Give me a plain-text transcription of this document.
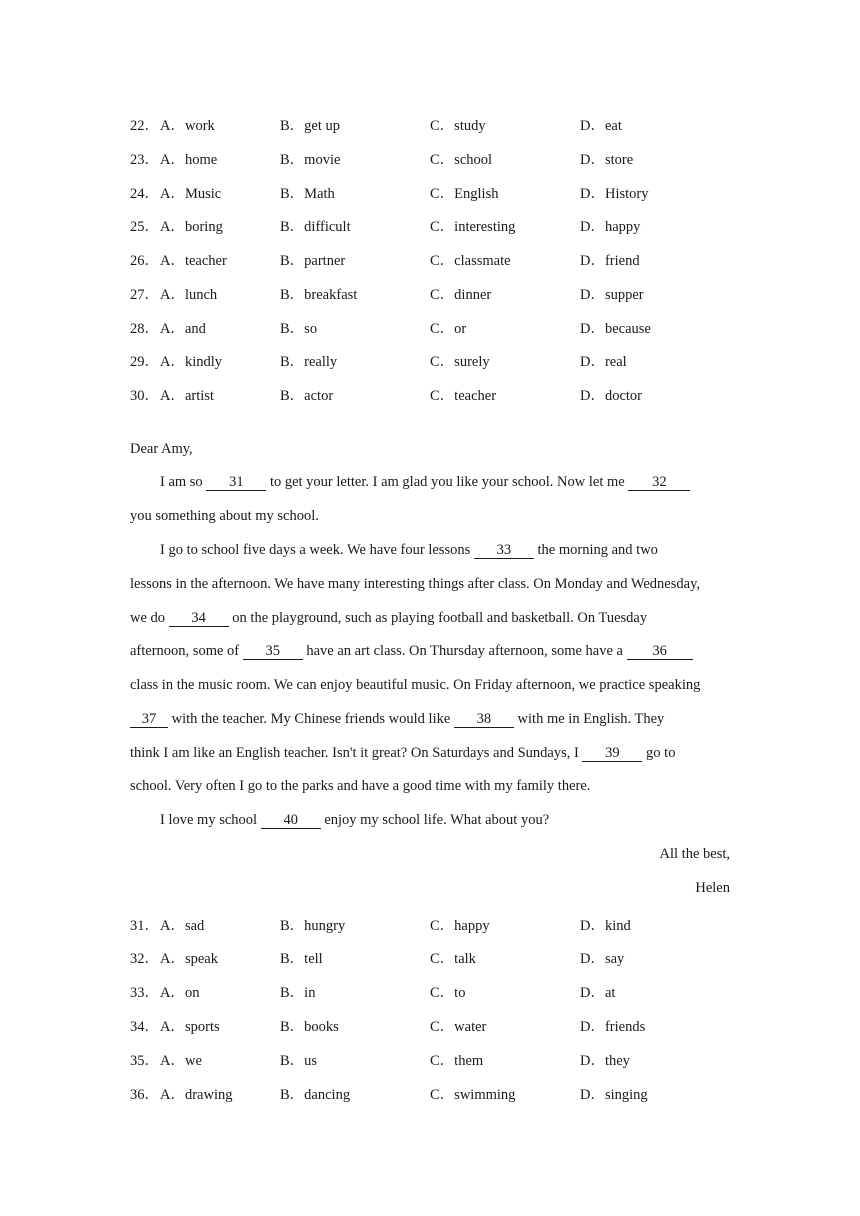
22． A．work	B．get up	C．study	D．eat
23． A．home	B．movie	C．school	D．store
24． A．Music	B．Math	C．English	D．History
25． A．boring	B．difficult	C．interesting	D．happy
26． A．teacher	B．partner	C．classmate	D．friend
27． A．lunch	B．breakfast	C．dinner	D．supper
28． A．and	B．so	C．or	D．because
29． A．kindly	B．really	C．surely	D．real
30． A．artist	B．actor	C．teacher	D．doctor
Dear Amy,
I am so 31 to get your letter. I am glad you like your school. Now let me 32
you something about my school.
I go to school five days a week. We have four lessons 33 the morning and two
lessons in the afternoon. We have many interesting things after class. On Monday and Wednesday,
we do 34 on the playground, such as playing football and basketball. On Tuesday
afternoon, some of 35 have an art class. On Thursday afternoon, some have a 36
class in the music room. We can enjoy beautiful music. On Friday afternoon, we practice speaking
37 with the teacher. My Chinese friends would like 38 with me in English. They
think I am like an English teacher. Isn't it great? On Saturdays and Sundays, I 39 go to
school. Very often I go to the parks and have a good time with my family there.
I love my school 40 enjoy my school life. What about you?
All the best,
Helen
31． A．sad	B．hungry	C．happy	D．kind
32． A．speak	B．tell	C．talk	D．say
33． A．on	B．in	C．to	D．at
34． A．sports	B．books	C．water	D．friends
35． A．we	B．us	C．them	D．they
36． A．drawing	B．dancing	C．swimming	D．singing
